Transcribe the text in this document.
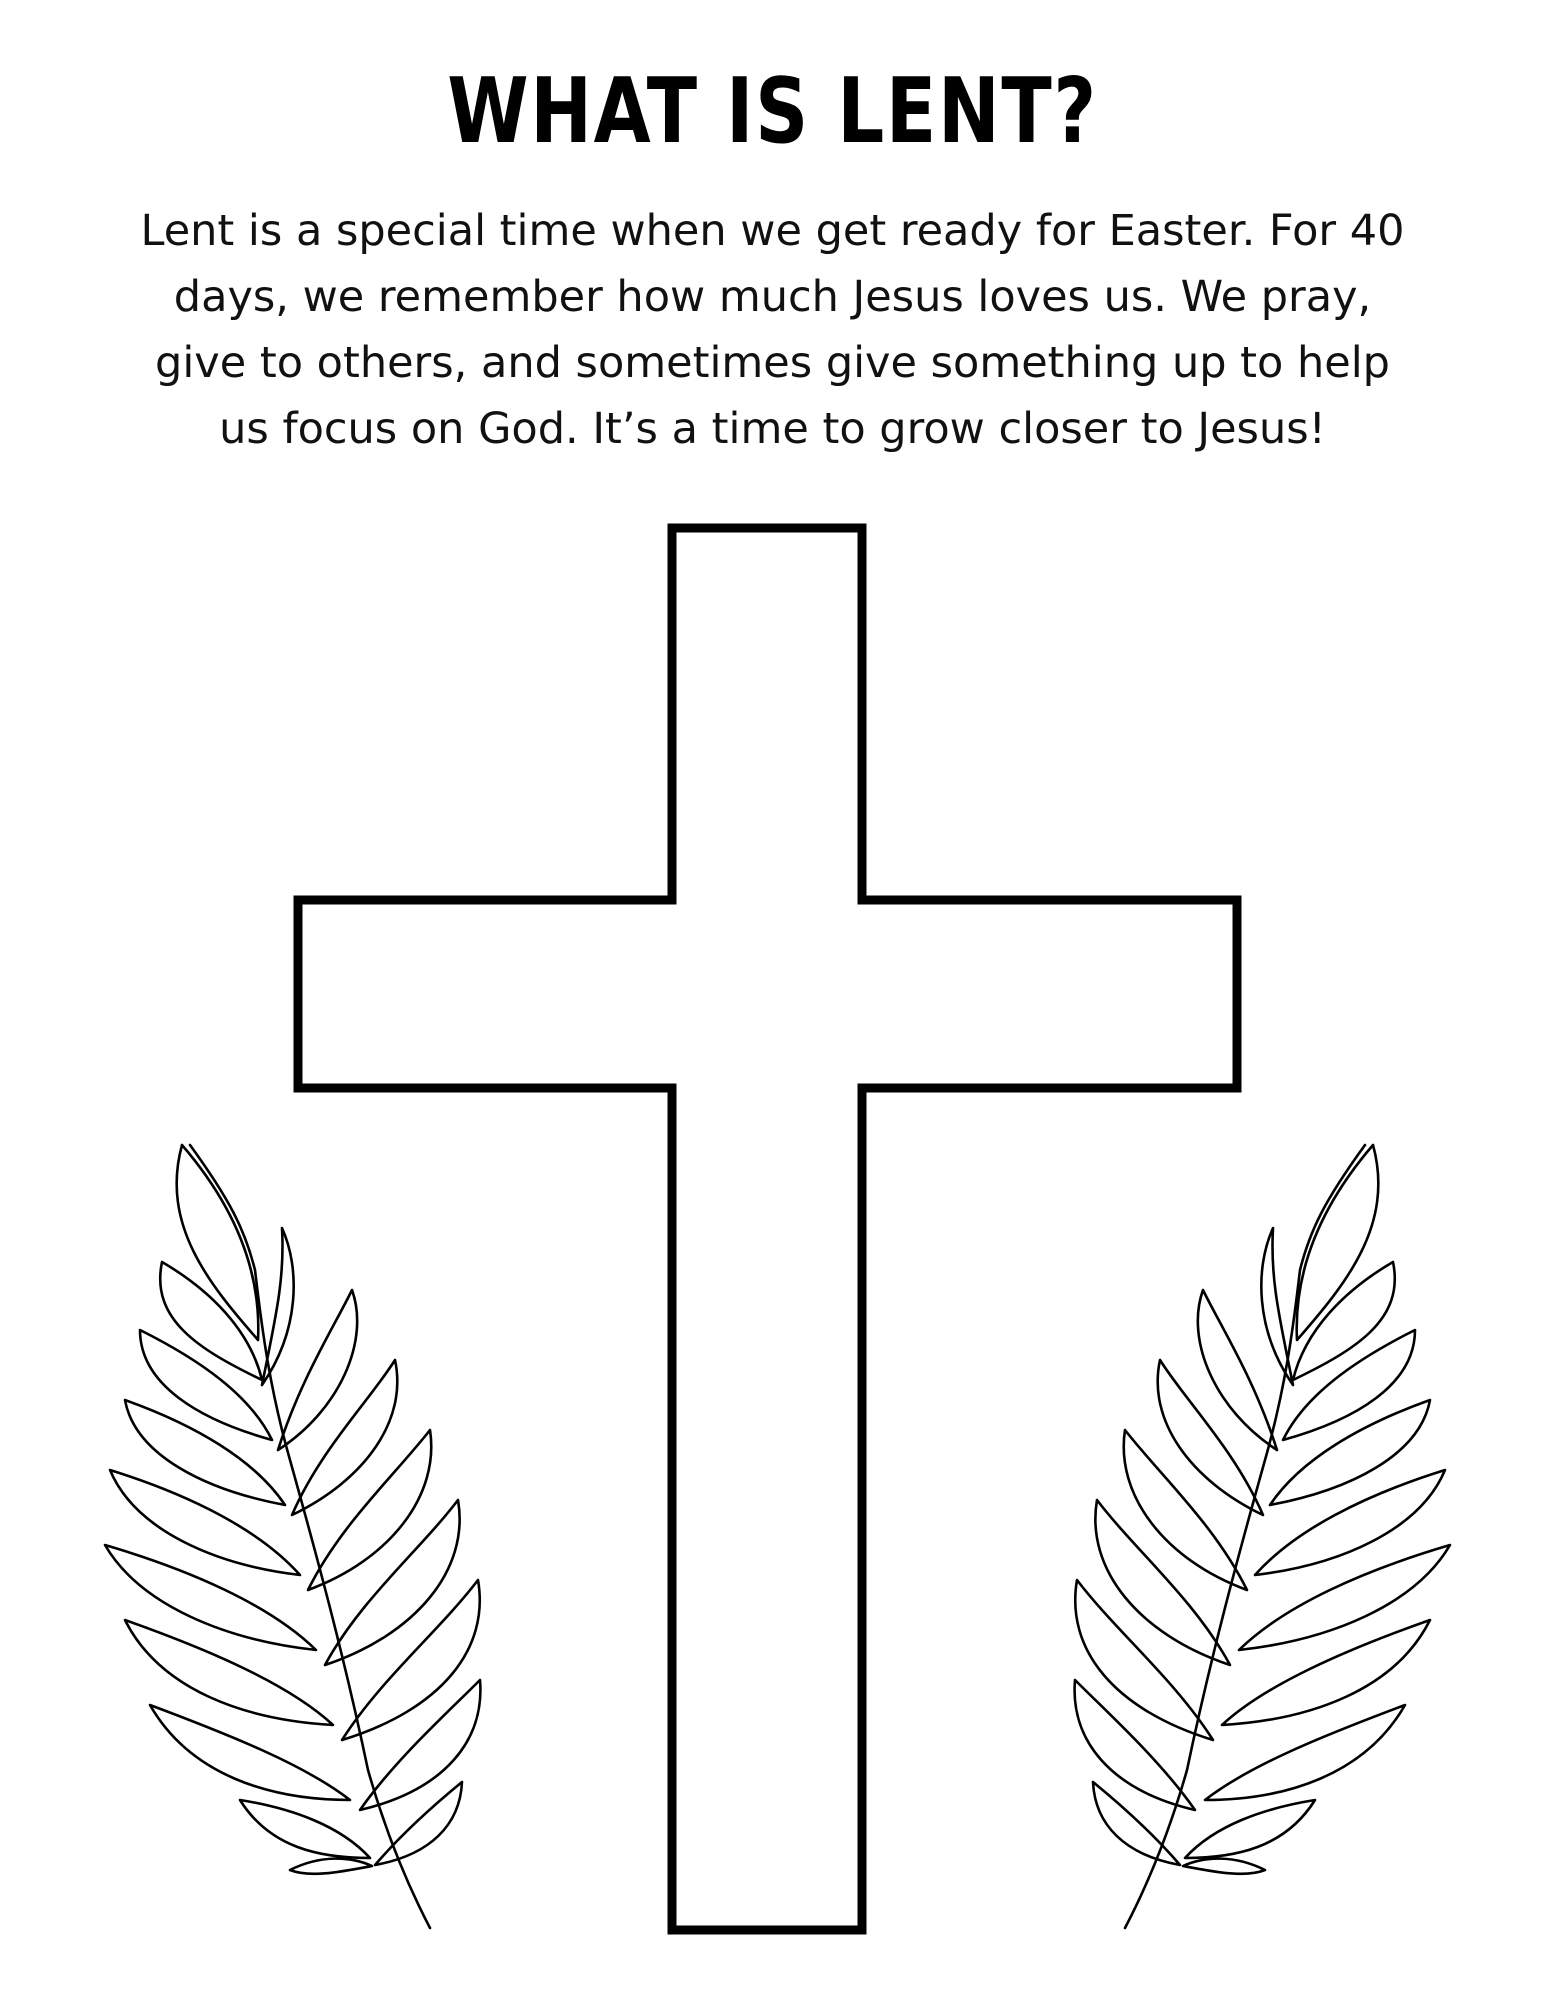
WHAT IS LENT?
Lent is a special time when we get ready for Easter. For 40
days, we remember how much Jesus loves us. We pray,
give to others, and sometimes give something up to help
us focus on God. It’s a time to grow closer to Jesus!
